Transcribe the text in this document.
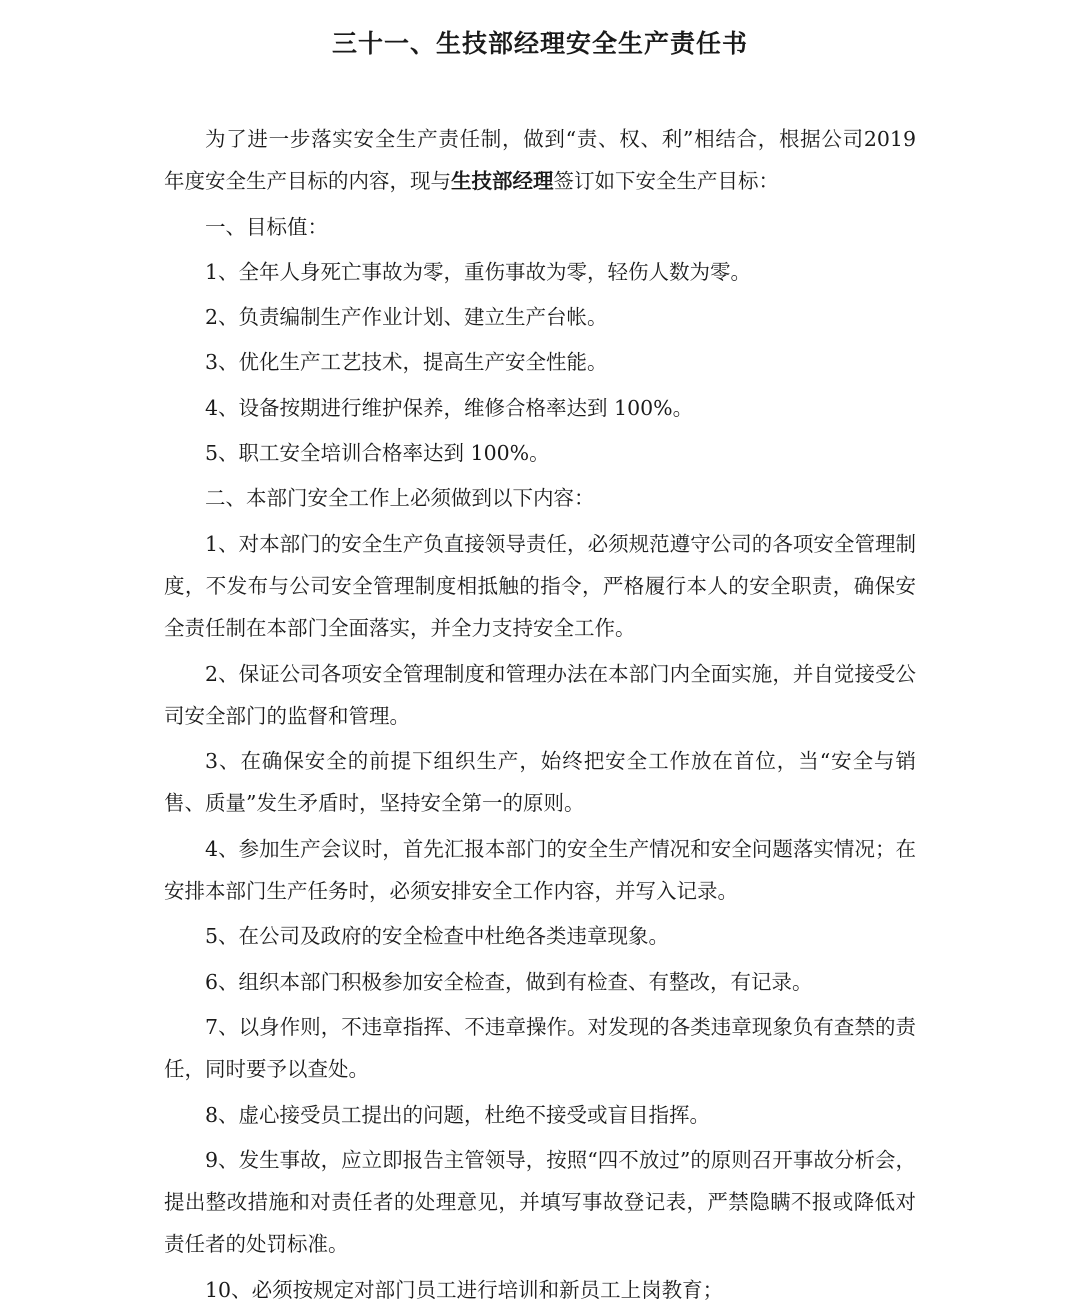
三十一、生技部经理安全生产责任书

为了进一步落实安全生产责任制，做到“责、权、利”相结合，根据公司2019 年度安全生产目标的内容，现与生技部经理签订如下安全生产目标：

一、目标值：

1、全年人身死亡事故为零，重伤事故为零，轻伤人数为零。

2、负责编制生产作业计划、建立生产台帐。

3、优化生产工艺技术，提高生产安全性能。

4、设备按期进行维护保养，维修合格率达到 100%。

5、职工安全培训合格率达到 100%。

二、本部门安全工作上必须做到以下内容：

1、对本部门的安全生产负直接领导责任，必须规范遵守公司的各项安全管理制度，不发布与公司安全管理制度相抵触的指令，严格履行本人的安全职责，确保安全责任制在本部门全面落实，并全力支持安全工作。

2、保证公司各项安全管理制度和管理办法在本部门内全面实施，并自觉接受公司安全部门的监督和管理。

3、在确保安全的前提下组织生产，始终把安全工作放在首位，当“安全与销售、质量”发生矛盾时，坚持安全第一的原则。

4、参加生产会议时，首先汇报本部门的安全生产情况和安全问题落实情况；在安排本部门生产任务时，必须安排安全工作内容，并写入记录。

5、在公司及政府的安全检查中杜绝各类违章现象。

6、组织本部门积极参加安全检查，做到有检查、有整改，有记录。

7、以身作则，不违章指挥、不违章操作。对发现的各类违章现象负有查禁的责任，同时要予以查处。

8、虚心接受员工提出的问题，杜绝不接受或盲目指挥。

9、发生事故，应立即报告主管领导，按照“四不放过”的原则召开事故分析会，提出整改措施和对责任者的处理意见，并填写事故登记表，严禁隐瞒不报或降低对责任者的处罚标准。

10、必须按规定对部门员工进行培训和新员工上岗教育；
